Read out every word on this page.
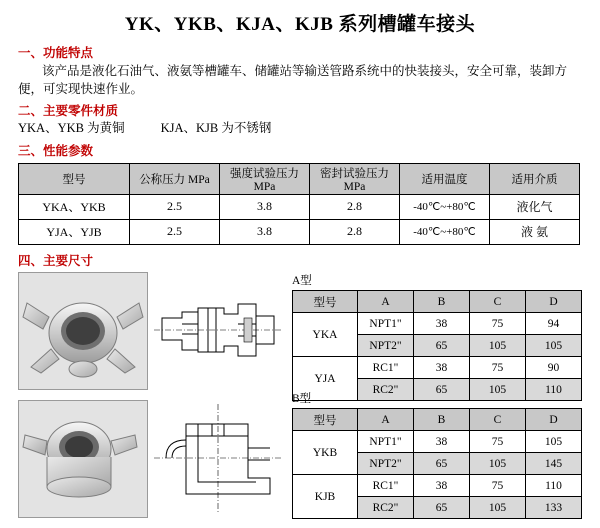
YK、YKB、KJA、KJB 系列槽罐车接头
一、功能特点
该产品是液化石油气、液氨等槽罐车、储罐站等输送管路系统中的快装接头，安全可靠，装卸方便，可实现快速作业。
二、主要零件材质
YKA、YKB 为黄铜	KJA、KJB 为不锈钢
三、性能参数
型号	公称压力 MPa	强度试验压力 MPa	密封试验压力 MPa	适用温度	适用介质
YKA、YKB	2.5	3.8	2.8	-40℃~+80℃	液化气
YJA、YJB	2.5	3.8	2.8	-40℃~+80℃	液 氨
四、主要尺寸

A型
型号	A	B	C	D
YKA	NPT1"	38	75	94
	NPT2"	65	105	105
YJA	RC1"	38	75	90
	RC2"	65	105	110
B型
型号	A	B	C	D
YKB	NPT1"	38	75	105
	NPT2"	65	105	145
KJB	RC1"	38	75	110
	RC2"	65	105	133
